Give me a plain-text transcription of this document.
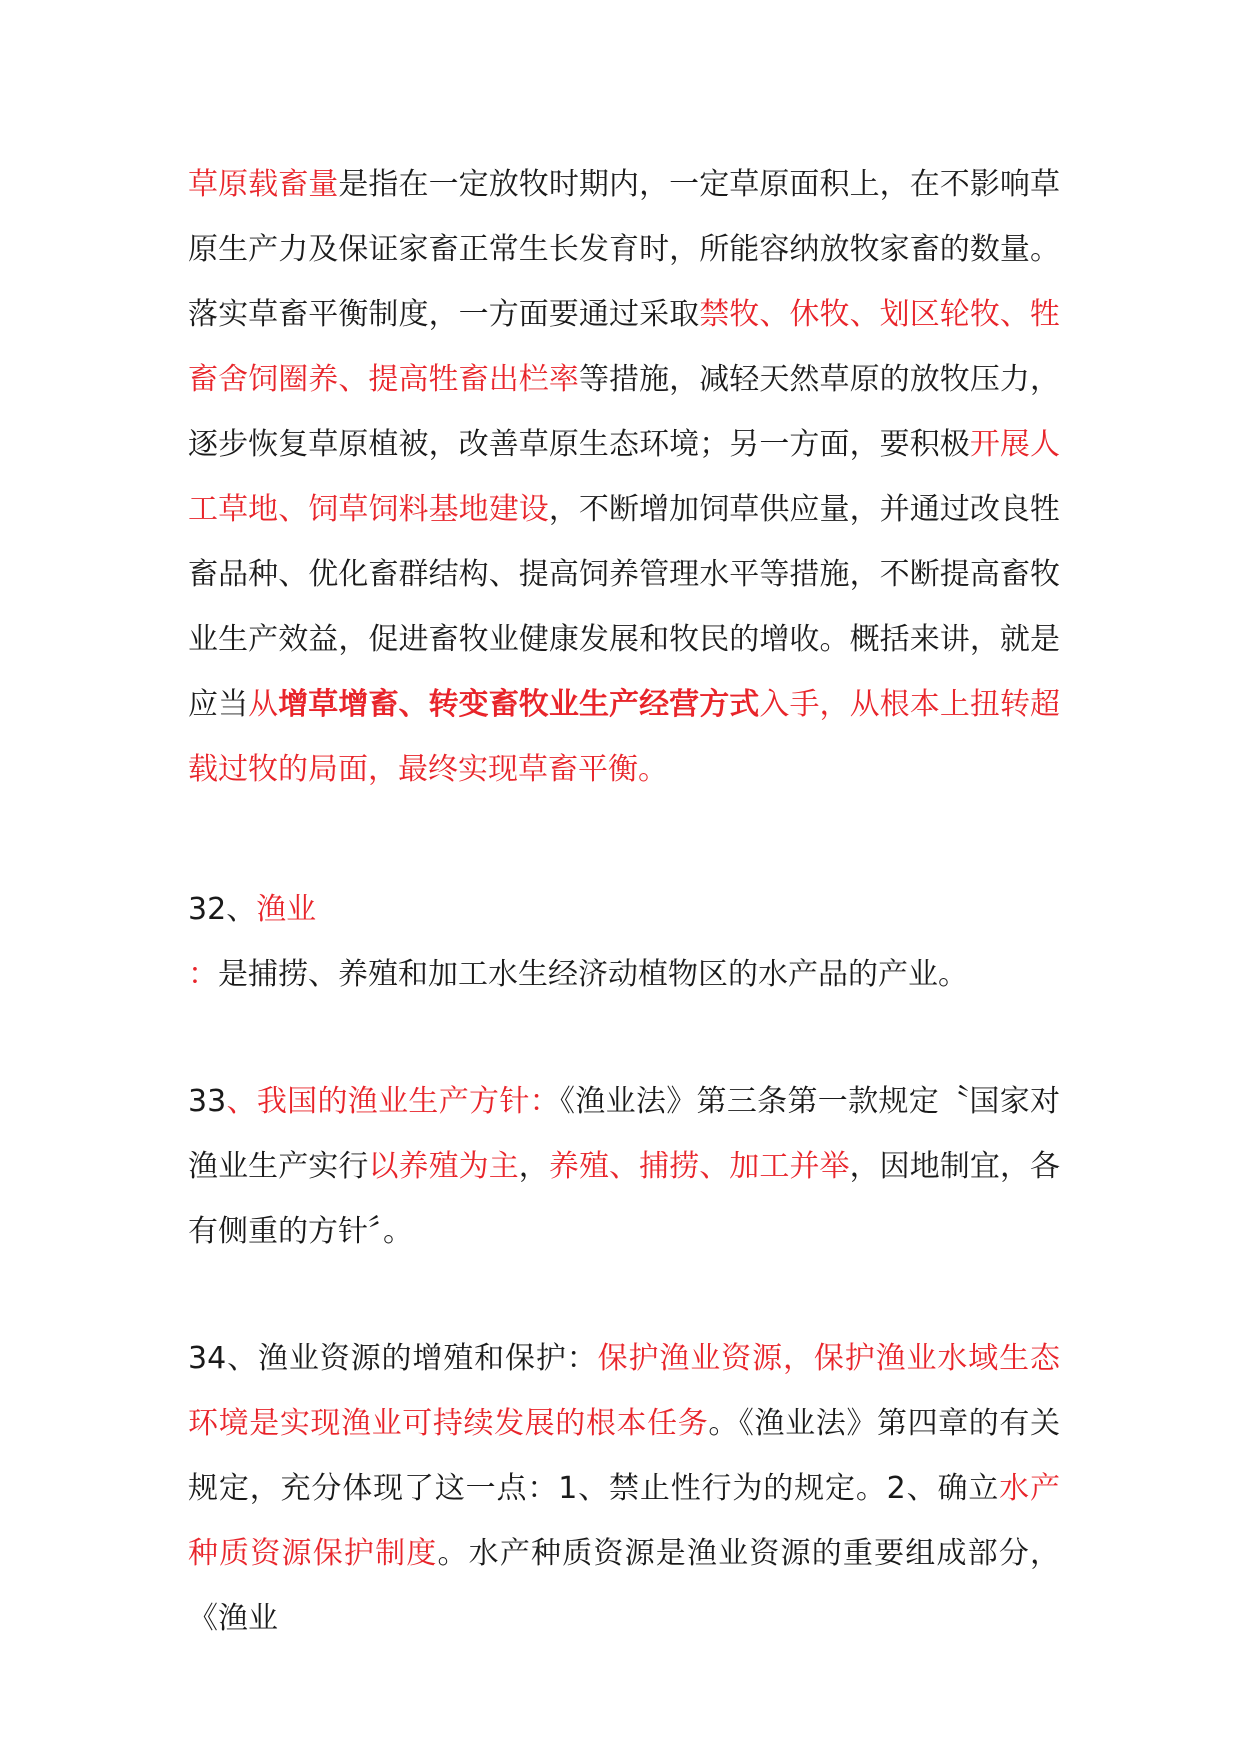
草原载畜量是指在一定放牧时期内，一定草原面积上，在不影响草原生产力及保证家畜正常生长发育时，所能容纳放牧家畜的数量。落实草畜平衡制度，一方面要通过采取禁牧、休牧、划区轮牧、牲畜舍饲圈养、提高牲畜出栏率等措施，减轻天然草原的放牧压力，逐步恢复草原植被，改善草原生态环境；另一方面，要积极开展人工草地、饲草饲料基地建设，不断增加饲草供应量，并通过改良牲畜品种、优化畜群结构、提高饲养管理水平等措施，不断提高畜牧业生产效益，促进畜牧业健康发展和牧民的增收。概括来讲，就是应当从增草增畜、转变畜牧业生产经营方式入手，从根本上扭转超载过牧的局面，最终实现草畜平衡。

32、渔业

：是捕捞、养殖和加工水生经济动植物区的水产品的产业。

33、我国的渔业生产方针：《渔业法》第三条第一款规定〝国家对渔业生产实行以养殖为主，养殖、捕捞、加工并举，因地制宜，各有侧重的方针〞。

34、渔业资源的增殖和保护：保护渔业资源，保护渔业水域生态环境是实现渔业可持续发展的根本任务。《渔业法》第四章的有关规定，充分体现了这一点：1、禁止性行为的规定。2、确立水产种质资源保护制度。水产种质资源是渔业资源的重要组成部分，《渔业
